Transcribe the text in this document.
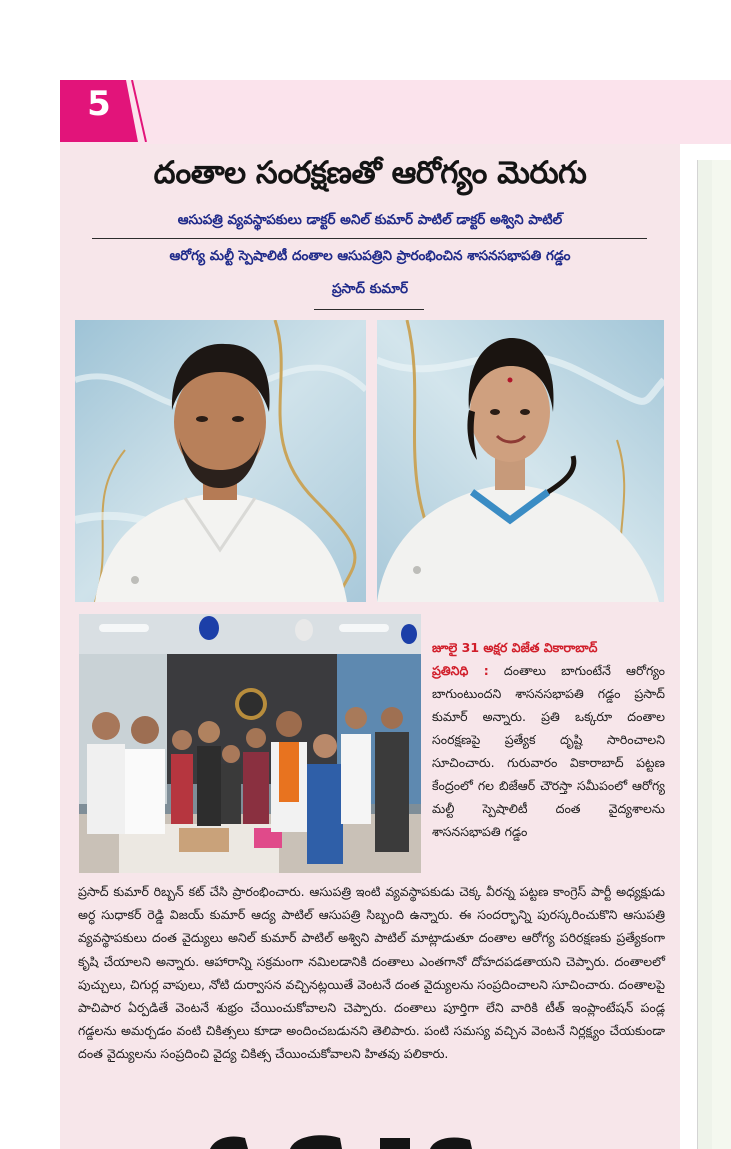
5
దంతాల సంరక్షణతో ఆరోగ్యం మెరుగు
ఆసుపత్రి వ్యవస్థాపకులు డాక్టర్ అనిల్ కుమార్ పాటిల్ డాక్టర్ అశ్విని పాటిల్
ఆరోగ్య మల్టీ స్పెషాలిటీ దంతాల ఆసుపత్రిని ప్రారంభించిన శాసనసభాపతి గడ్డం
ప్రసాద్ కుమార్
జూలై 31 అక్షర విజేత వికారాబాద్
ప్రతినిధి : దంతాలు బాగుంటేనే ఆరోగ్యం బాగుంటుందని శాసనసభాపతి గడ్డం ప్రసాద్ కుమార్ అన్నారు. ప్రతి ఒక్కరూ దంతాల సంరక్షణపై ప్రత్యేక దృష్టి సారించాలని సూచించారు. గురువారం వికారాబాద్ పట్టణ కేంద్రంలో గల బిజేఆర్ చౌరస్తా సమీపంలో ఆరోగ్య మల్టీ స్పెషాలిటీ దంత వైద్యశాలను శాసనసభాపతి గడ్డం
ప్రసాద్ కుమార్ రిబ్బన్ కట్ చేసి ప్రారంభించారు. ఆసుపత్రి ఇంటి వ్యవస్థాపకుడు చెక్క వీరన్న పట్టణ కాంగ్రెస్ పార్టీ అధ్యక్షుడు అర్ధ సుధాకర్ రెడ్డి విజయ్ కుమార్ ఆద్య పాటిల్ ఆసుపత్రి సిబ్బంది ఉన్నారు. ఈ సందర్భాన్ని పురస్కరించుకొని ఆసుపత్రి వ్యవస్థాపకులు దంత వైద్యులు అనిల్ కుమార్ పాటిల్ అశ్విని పాటిల్ మాట్లాడుతూ దంతాల ఆరోగ్య పరిరక్షణకు ప్రత్యేకంగా కృషి చేయాలని అన్నారు. ఆహారాన్ని సక్రమంగా నమిలడానికి దంతాలు ఎంతగానో దోహదపడతాయని చెప్పారు. దంతాలలో పుచ్చులు, చిగుర్ల వాపులు, నోటి దుర్వాసన వచ్చినట్లయితే వెంటనే దంత వైద్యులను సంప్రదించాలని సూచించారు. దంతాలపై పాచిపార ఏర్పడితే వెంటనే శుభ్రం చేయించుకోవాలని చెప్పారు. దంతాలు పూర్తిగా లేని వారికి టీత్ ఇంప్లాంటేషన్ పండ్ల గడ్డలను అమర్చడం వంటి చికిత్సలు కూడా అందించబడునని తెలిపారు. పంటి సమస్య వచ్చిన వెంటనే నిర్లక్ష్యం చేయకుండా దంత వైద్యులను సంప్రదించి వైద్య చికిత్స చేయించుకోవాలని హితవు పలికారు.
